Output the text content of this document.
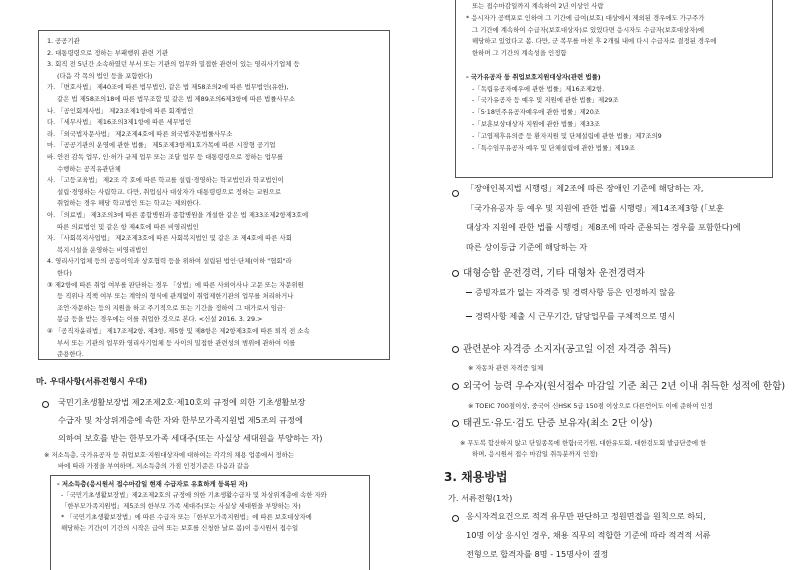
1. 공공기관
2. 대통령령으로 정하는 부패행위 관련 기관
3. 회직 전 5년간 소속하였던 부서 또는 기관의 업무와 밀접한 관련이 있는 영리사기업체 등
(다음 각 목의 법인 등을 포함한다)
가. 「변호사법」 제40조에 따른 법무법인, 같은 법 제58조의2에 따른 법무법인(유한),
같은 법 제58조의18에 따른 법무조합 및 같은 법 제89조의6제3항에 따른 법률사무소
나. 「공인회계사법」 제23조제1항에 따른 회계법인
다. 「세무사법」 제16조의3제1항에 따른 세무법인
라. 「외국법자문사법」 제2조제4호에 따른 외국법자문법률사무소
마. 「공공기관의 운영에 관한 법률」 제5조제3항제1호가목에 따른 시장형 공기업
바. 안전 감독 업무, 인·허가 규제 업무 또는 조달 업무 등 대통령령으로 정하는 업무를
수행하는 공직유관단체
사. 「고등교육법」 제2조 각 호에 따른 학교를 설립·경영하는 학교법인과 학교법인이
설립·경영하는 사립학교. 다만, 취업심사 대상자가 대통령령으로 정하는 교원으로
취업하는 경우 해당 학교법인 또는 학교는 제외한다.
아. 「의료법」 제3조의3에 따른 종합병원과 종합병원을 개설한 같은 법 제33조제2항제3호에
따른 의료법인 및 같은 항 제4호에 따른 비영리법인
자. 「사회복지사업법」 제2조제3호에 따른 사회복지법인 및 같은 조 제4호에 따른 사회
복지시설을 운영하는 비영리법인
4. 영리사기업체 등의 공동이익과 상호협력 등을 위하여 설립된 법인·단체(이하 "협회"라
한다)
③ 제2항에 따른 취업 여부를 판단하는 경우 「상법」에 따른 사외이사나 고문 또는 자문위원
등 직위나 직책 여부 또는 계약의 형식에 관계없이 취업제한기관의 업무를 처리하거나
조언·자문하는 등의 지원을 하고 주기적으로 또는 기간을 정하여 그 대가로서 임금·
봉급 등을 받는 경우에는 이를 취업한 것으로 본다. <신설 2016. 3. 29.>
④ 「공직자윤리법」 제17조제2항, 제3항, 제5항 및 제8항은 제2항제3호에 따른 퇴직 전 소속
부서 또는 기관의 업무와 영리사기업체 등 사이의 밀접한 관련성의 범위에 관하여 이를
준용한다.
마. 우대사항(서류전형시 우대)
국민기초생활보장법 제2조제2호·제10호의 규정에 의한 기초생활보장
수급자 및 차상위계층에 속한 자와 한부모가족지원법 제5조의 규정에
의하여 보호를 받는 한부모가족 세대주(또는 사실상 세대원을 부양하는 자)
※ 저소득층, 국가유공자 등 취업보호·지원대상자에 대하여는 각각의 채용 업종에서 정하는
바에 따라 가점을 부여하며, 저소득층의 가점 인정기준은 다음과 같음
- 저소득층(응시원서 접수마감일 현재 수급자로 유효하게 등록된 자)
-「국민기초생활보장법」제2조제2호의 규정에 의한 기초생활수급자 및 차상위계층에 속한 자와
「한부모가족지원법」제5조의 한부모 가족 세대주(또는 사실상 세대원을 부양하는 자)
* 「국민기초생활보장법」에 따른 수급자 또는「한부모가족지원법」에 따른 보호대상자에
해당하는 기간(이 기간의 시작은 급여 또는 보호를 신청한 날로 봄)이 응시원서 접수일
또는 접수마감일까지 계속하여 2년 이상인 사람
* 응시자가 공백포로 인하여 그 기간에 급여(보호) 대상에서 제외된 경우에도 가구주가
그 기간에 계속하여 수급자(보호대상자)로 있었다면 응시자도 수급자(보호대상자)에
해당하고 있었다고 봄. 다만, 군 복무를 마친 후 2개월 내에 다시 수급자로 결정된 경우에
한하며 그 기간의 계속성을 인정함
- 국가유공자 등 취업보호지원대상자(관련 법률)
-「독립유공자예우에 관한 법률」제16조제2항.
-「국가유공자 등 예우 및 지원에 관한 법률」제29조
-「5·18민주유공자예우에 관한 법률」제20조
-「보훈보상대상자 지원에 관한 법률」제33조
-「고엽제후유의증 등 환자지원 및 단체설립에 관한 법률」제7조의9
-「특수임무유공자 예우 및 단체설립에 관한 법률」제19조
「장애인복지법 시행령」제2조에 따른 장애인 기준에 해당하는 자,
「국가유공자 등 예우 및 지원에 관한 법률 시행령」제14조제3항 (「보훈
대상자 지원에 관한 법률 시행령」제8조에 따라 준용되는 경우를 포함한다)에
따른 상이등급 기준에 해당하는 자
대형승합 운전경력, 기타 대형차 운전경력자
증빙자료가 없는 자격증 및 경력사항 등은 인정하지 않음
경력사항 제출 시 근무기간, 담당업무를 구체적으로 명시
관련분야 자격증 소지자(공고일 이전 자격증 취득)
※ 자동차 관련 자격증 일체
외국어 능력 우수자(원서접수 마감일 기준 최근 2년 이내 취득한 성적에 한함)
※ TOEIC 700점이상, 중국어 신HSK 5급 150점 이상으로 다른언어도 이에 준하여 인정
태권도·유도·검도 단증 보유자(최소 2단 이상)
※ 무도복 합산하지 않고 단일종목에 한함(국기원, 대한유도회, 대한검도회 발급단증에 한
하며, 응시원서 접수 마감일 취득분까지 인정)
3. 채용방법
가. 서류전형(1차)
응시자격요건으로 적격 유무만 판단하고 정원면접을 원칙으로 하되,
10명 이상 응시인 경우, 채용 직무의 적합한 기준에 따라 적격적 서류
전형으로 합격자를 8명 - 15명사이 결정
